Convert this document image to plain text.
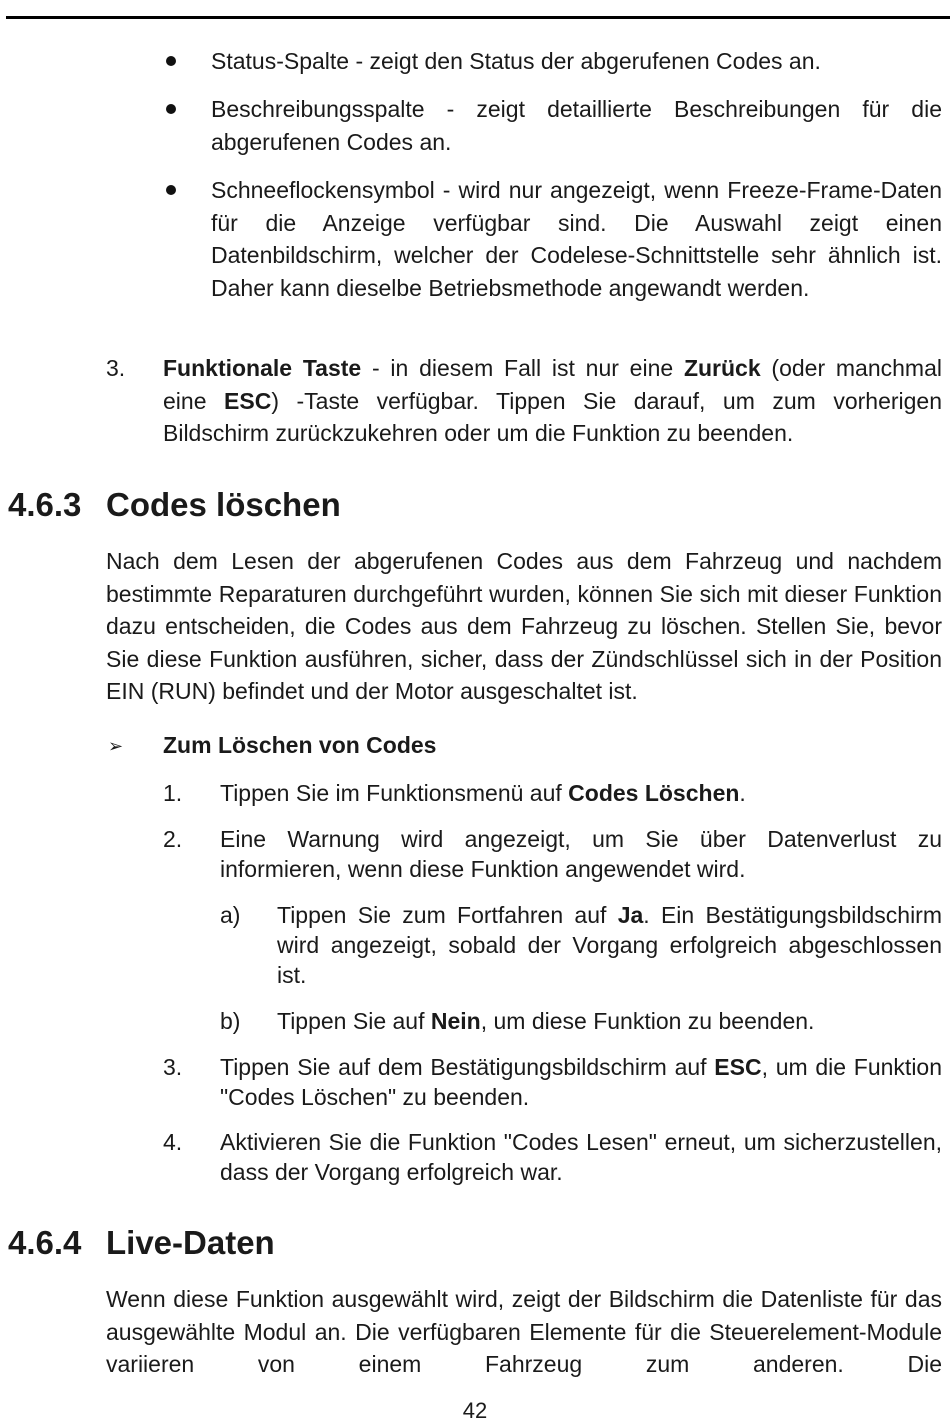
Status-Spalte - zeigt den Status der abgerufenen Codes an.

Beschreibungsspalte - zeigt detaillierte Beschreibungen für die abgerufenen Codes an.

Schneeflockensymbol - wird nur angezeigt, wenn Freeze-Frame-Daten für die Anzeige verfügbar sind. Die Auswahl zeigt einen Datenbildschirm, welcher der Codelese-Schnittstelle sehr ähnlich ist. Daher kann dieselbe Betriebsmethode angewandt werden.

3. Funktionale Taste - in diesem Fall ist nur eine Zurück (oder manchmal eine ESC) -Taste verfügbar. Tippen Sie darauf, um zum vorherigen Bildschirm zurückzukehren oder um die Funktion zu beenden.

4.6.3 Codes löschen

Nach dem Lesen der abgerufenen Codes aus dem Fahrzeug und nachdem bestimmte Reparaturen durchgeführt wurden, können Sie sich mit dieser Funktion dazu entscheiden, die Codes aus dem Fahrzeug zu löschen. Stellen Sie, bevor Sie diese Funktion ausführen, sicher, dass der Zündschlüssel sich in der Position EIN (RUN) befindet und der Motor ausgeschaltet ist.

➢ Zum Löschen von Codes
1. Tippen Sie im Funktionsmenü auf Codes Löschen.

2. Eine Warnung wird angezeigt, um Sie über Datenverlust zu informieren, wenn diese Funktion angewendet wird.

a) Tippen Sie zum Fortfahren auf Ja. Ein Bestätigungsbildschirm wird angezeigt, sobald der Vorgang erfolgreich abgeschlossen ist.

b) Tippen Sie auf Nein, um diese Funktion zu beenden.

3. Tippen Sie auf dem Bestätigungsbildschirm auf ESC, um die Funktion "Codes Löschen" zu beenden.

4. Aktivieren Sie die Funktion "Codes Lesen" erneut, um sicherzustellen, dass der Vorgang erfolgreich war.

4.6.4 Live-Daten

Wenn diese Funktion ausgewählt wird, zeigt der Bildschirm die Datenliste für das ausgewählte Modul an. Die verfügbaren Elemente für die Steuerelement-Module variieren von einem Fahrzeug zum anderen. Die

42
